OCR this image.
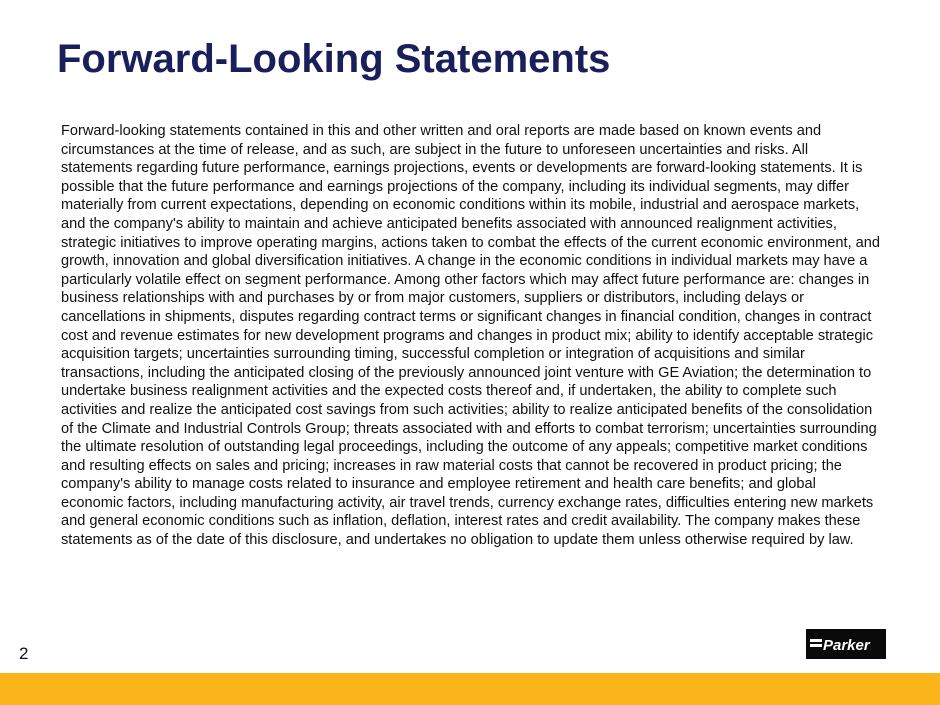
Forward-Looking Statements

Forward-looking statements contained in this and other written and oral reports are made based on known events and circumstances at the time of release, and as such, are subject in the future to unforeseen uncertainties and risks. All statements regarding future performance, earnings projections, events or developments are forward-looking statements. It is possible that the future performance and earnings projections of the company, including its individual segments, may differ materially from current expectations, depending on economic conditions within its mobile, industrial and aerospace markets, and the company's ability to maintain and achieve anticipated benefits associated with announced realignment activities, strategic initiatives to improve operating margins, actions taken to combat the effects of the current economic environment, and growth, innovation and global diversification initiatives. A change in the economic conditions in individual markets may have a particularly volatile effect on segment performance. Among other factors which may affect future performance are: changes in business relationships with and purchases by or from major customers, suppliers or distributors, including delays or cancellations in shipments, disputes regarding contract terms or significant changes in financial condition, changes in contract cost and revenue estimates for new development programs and changes in product mix; ability to identify acceptable strategic acquisition targets; uncertainties surrounding timing, successful completion or integration of acquisitions and similar transactions, including the anticipated closing of the previously announced joint venture with GE Aviation; the determination to undertake business realignment activities and the expected costs thereof and, if undertaken, the ability to complete such activities and realize the anticipated cost savings from such activities; ability to realize anticipated benefits of the consolidation of the Climate and Industrial Controls Group; threats associated with and efforts to combat terrorism; uncertainties surrounding the ultimate resolution of outstanding legal proceedings, including the outcome of any appeals; competitive market conditions and resulting effects on sales and pricing; increases in raw material costs that cannot be recovered in product pricing; the company's ability to manage costs related to insurance and employee retirement and health care benefits; and global economic factors, including manufacturing activity, air travel trends, currency exchange rates, difficulties entering new markets and general economic conditions such as inflation, deflation, interest rates and credit availability. The company makes these statements as of the date of this disclosure, and undertakes no obligation to update them unless otherwise required by law.

2	Parker
